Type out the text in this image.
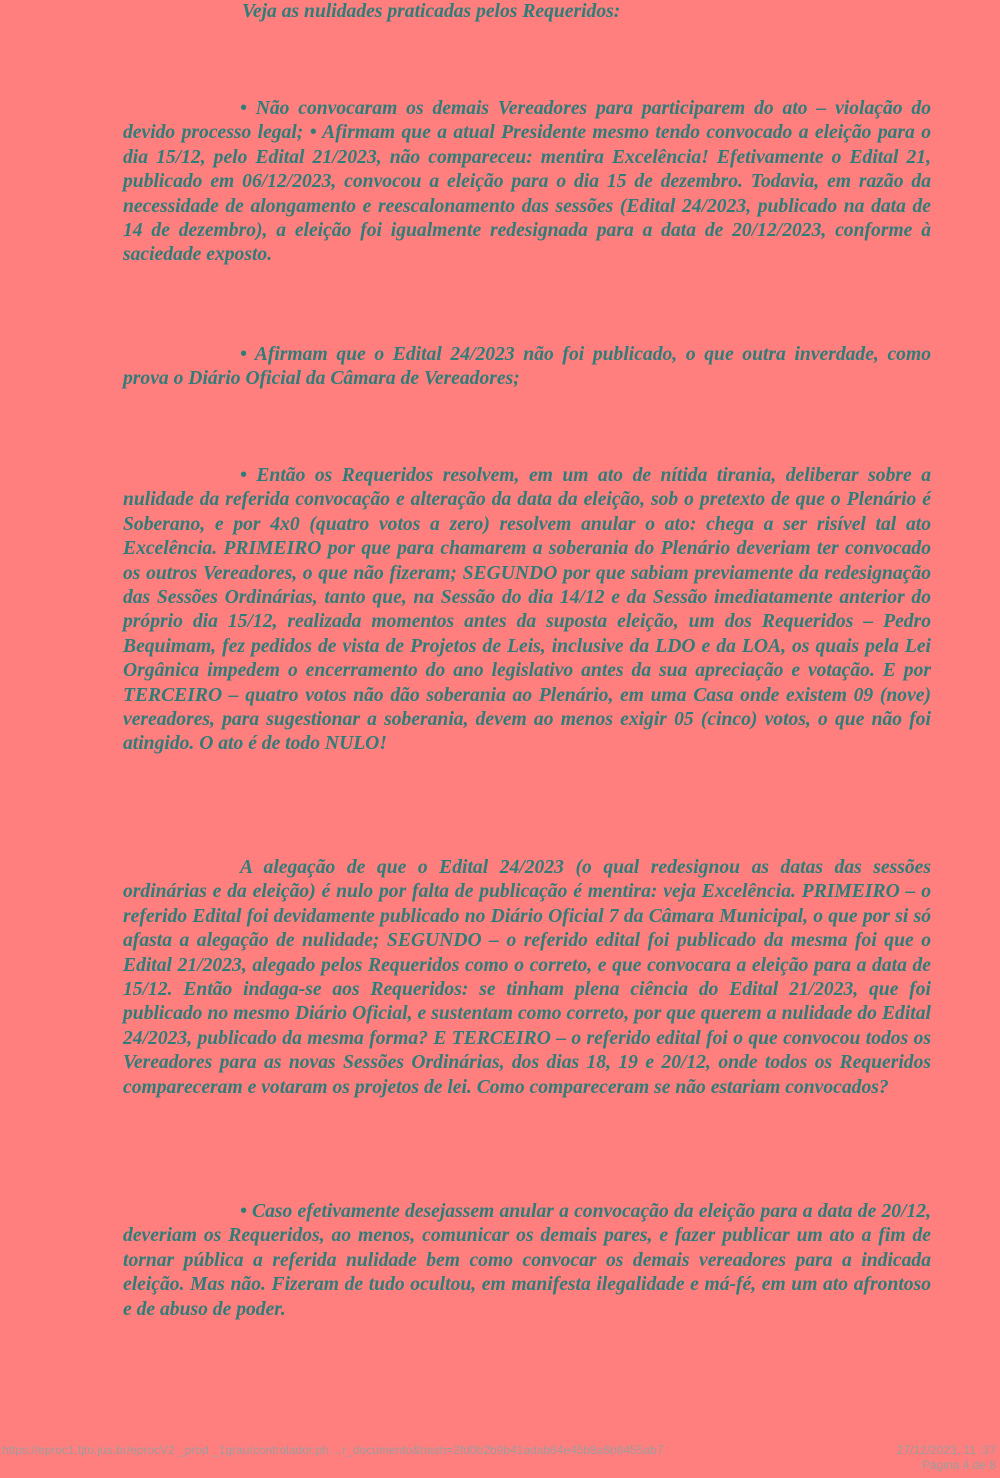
Veja as nulidades praticadas pelos Requeridos:

• Não convocaram os demais Vereadores para participarem do ato – violação do devido processo legal; • Afirmam que a atual Presidente mesmo tendo convocado a eleição para o dia 15/12, pelo Edital 21/2023, não compareceu: mentira Excelência! Efetivamente o Edital 21, publicado em 06/12/2023, convocou a eleição para o dia 15 de dezembro. Todavia, em razão da necessidade de alongamento e reescalonamento das sessões (Edital 24/2023, publicado na data de 14 de dezembro), a eleição foi igualmente redesignada para a data de 20/12/2023, conforme à saciedade exposto.

• Afirmam que o Edital 24/2023 não foi publicado, o que outra inverdade, como prova o Diário Oficial da Câmara de Vereadores;

• Então os Requeridos resolvem, em um ato de nítida tirania, deliberar sobre a nulidade da referida convocação e alteração da data da eleição, sob o pretexto de que o Plenário é Soberano, e por 4x0 (quatro votos a zero) resolvem anular o ato: chega a ser risível tal ato Excelência. PRIMEIRO por que para chamarem a soberania do Plenário deveriam ter convocado os outros Vereadores, o que não fizeram; SEGUNDO por que sabiam previamente da redesignação das Sessões Ordinárias, tanto que, na Sessão do dia 14/12 e da Sessão imediatamente anterior do próprio dia 15/12, realizada momentos antes da suposta eleição, um dos Requeridos – Pedro Bequimam, fez pedidos de vista de Projetos de Leis, inclusive da LDO e da LOA, os quais pela Lei Orgânica impedem o encerramento do ano legislativo antes da sua apreciação e votação. E por TERCEIRO – quatro votos não dão soberania ao Plenário, em uma Casa onde existem 09 (nove) vereadores, para sugestionar a soberania, devem ao menos exigir 05 (cinco) votos, o que não foi atingido. O ato é de todo NULO!

A alegação de que o Edital 24/2023 (o qual redesignou as datas das sessões ordinárias e da eleição) é nulo por falta de publicação é mentira: veja Excelência. PRIMEIRO – o referido Edital foi devidamente publicado no Diário Oficial 7 da Câmara Municipal, o que por si só afasta a alegação de nulidade; SEGUNDO – o referido edital foi publicado da mesma foi que o Edital 21/2023, alegado pelos Requeridos como o correto, e que convocara a eleição para a data de 15/12. Então indaga-se aos Requeridos: se tinham plena ciência do Edital 21/2023, que foi publicado no mesmo Diário Oficial, e sustentam como correto, por que querem a nulidade do Edital 24/2023, publicado da mesma forma? E TERCEIRO – o referido edital foi o que convocou todos os Vereadores para as novas Sessões Ordinárias, dos dias 18, 19 e 20/12, onde todos os Requeridos compareceram e votaram os projetos de lei. Como compareceram se não estariam convocados?

• Caso efetivamente desejassem anular a convocação da eleição para a data de 20/12, deveriam os Requeridos, ao menos, comunicar os demais pares, e fazer publicar um ato a fim de tornar pública a referida nulidade bem como convocar os demais vereadores para a indicada eleição. Mas não. Fizeram de tudo ocultou, em manifesta ilegalidade e má-fé, em um ato afrontoso e de abuso de poder.

https://eproc1.tjto.jus.br/eprocV2 _prod _1grau/controlador.ph ...r_documento&hash=2fd0b2b9b41adab64e45b8a6b8455ab7	27/12/2023, 11 :37
Página 4 de 8
